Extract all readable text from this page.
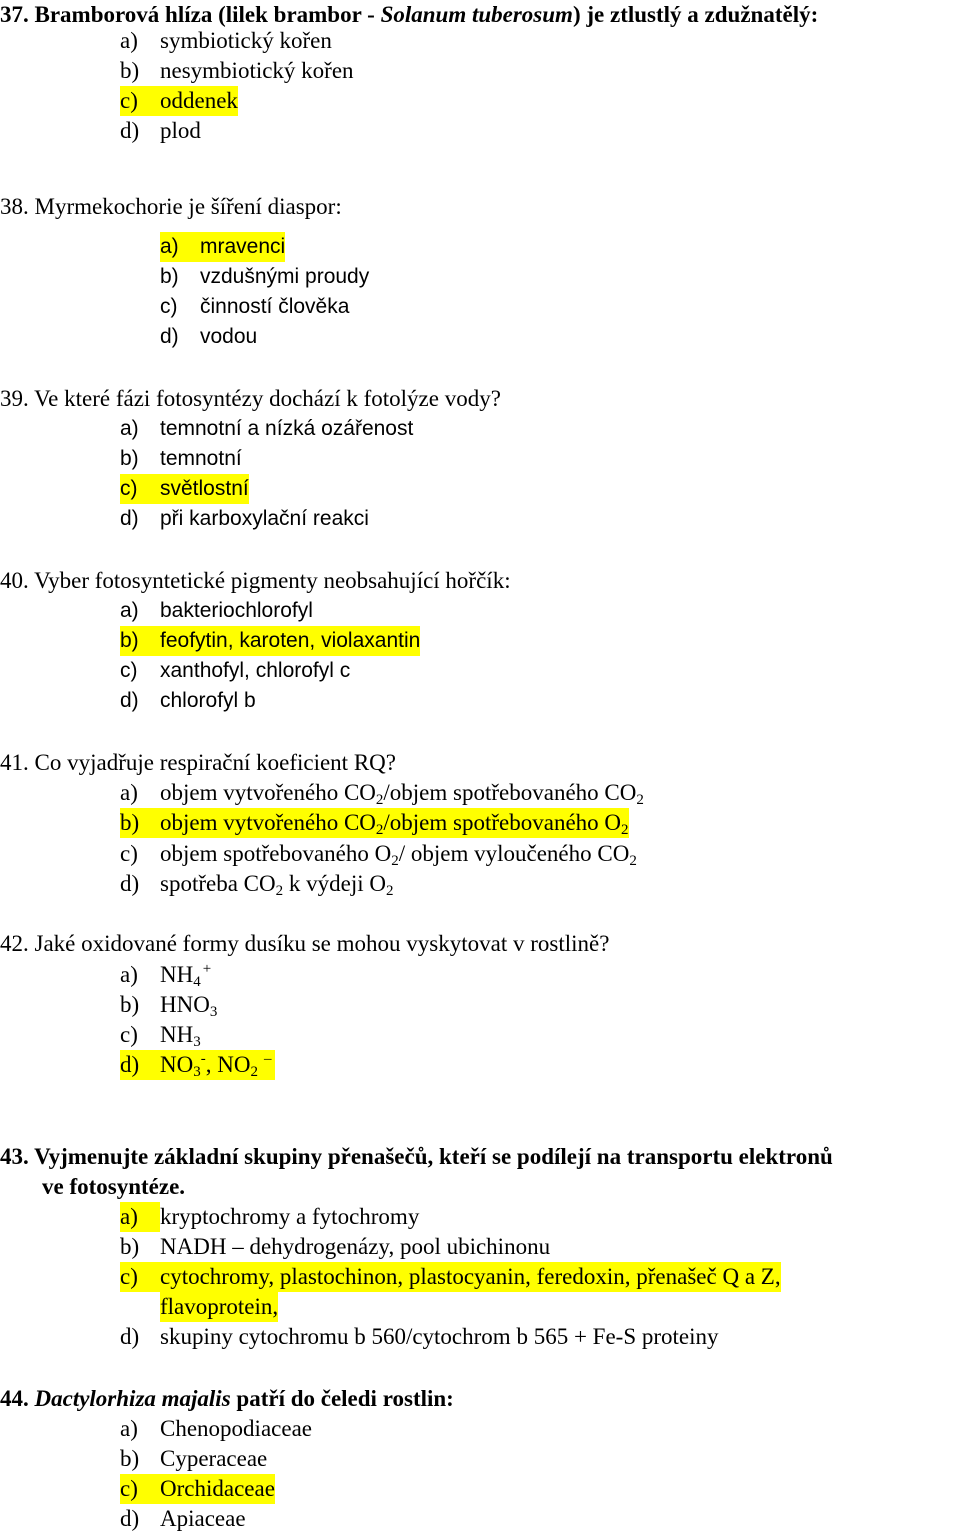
37. Bramborová hlíza (lilek brambor - Solanum tuberosum) je ztlustlý a zdužnatělý:
a) symbiotický kořen
b) nesymbiotický kořen
c) oddenek
d) plod
38. Myrmekochorie je šíření diaspor:
a) mravenci
b) vzdušnými proudy
c) činností člověka
d) vodou
39. Ve které fázi fotosyntézy dochází k fotolýze vody?
a) temnotní a nízká ozářenost
b) temnotní
c) světlostní
d) při karboxylační reakci
40. Vyber fotosyntetické pigmenty neobsahující hořčík:
a) bakteriochlorofyl
b) feofytin, karoten, violaxantin
c) xanthofyl, chlorofyl c
d) chlorofyl b
41. Co vyjadřuje respirační koeficient RQ?
a) objem vytvořeného $CO_2$/objem spotřebovaného $CO_2$
b) objem vytvořeného $CO_2$/objem spotřebovaného $O_2$
c) objem spotřebovaného $O_2/$ objem vyloučeného $CO_2$
d) spotřeba $CO_2$ k výdeji $O_2$
42. Jaké oxidované formy dusíku se mohou vyskytovat v rostlině?
a) $NH_4^+$
b) $HNO_3$
c) $NH_3$
d) $NO_3^-$, $NO_2^-$
43. Vyjmenujte základní skupiny přenašečů, kteří se podílejí na transportu elektronů
ve fotosyntéze.
a) kryptochromy a fytochromy
b) NADH – dehydrogenázy, pool ubichinonu
c) cytochromy, plastochinon, plastocyanin, feredoxin, přenašeč Q a Z,
flavoprotein,
d) skupiny cytochromu b 560/cytochrom b 565 + Fe-S proteiny
44. Dactylorhiza majalis patří do čeledi rostlin:
a) Chenopodiaceae
b) Cyperaceae
c) Orchidaceae
d) Apiaceae
